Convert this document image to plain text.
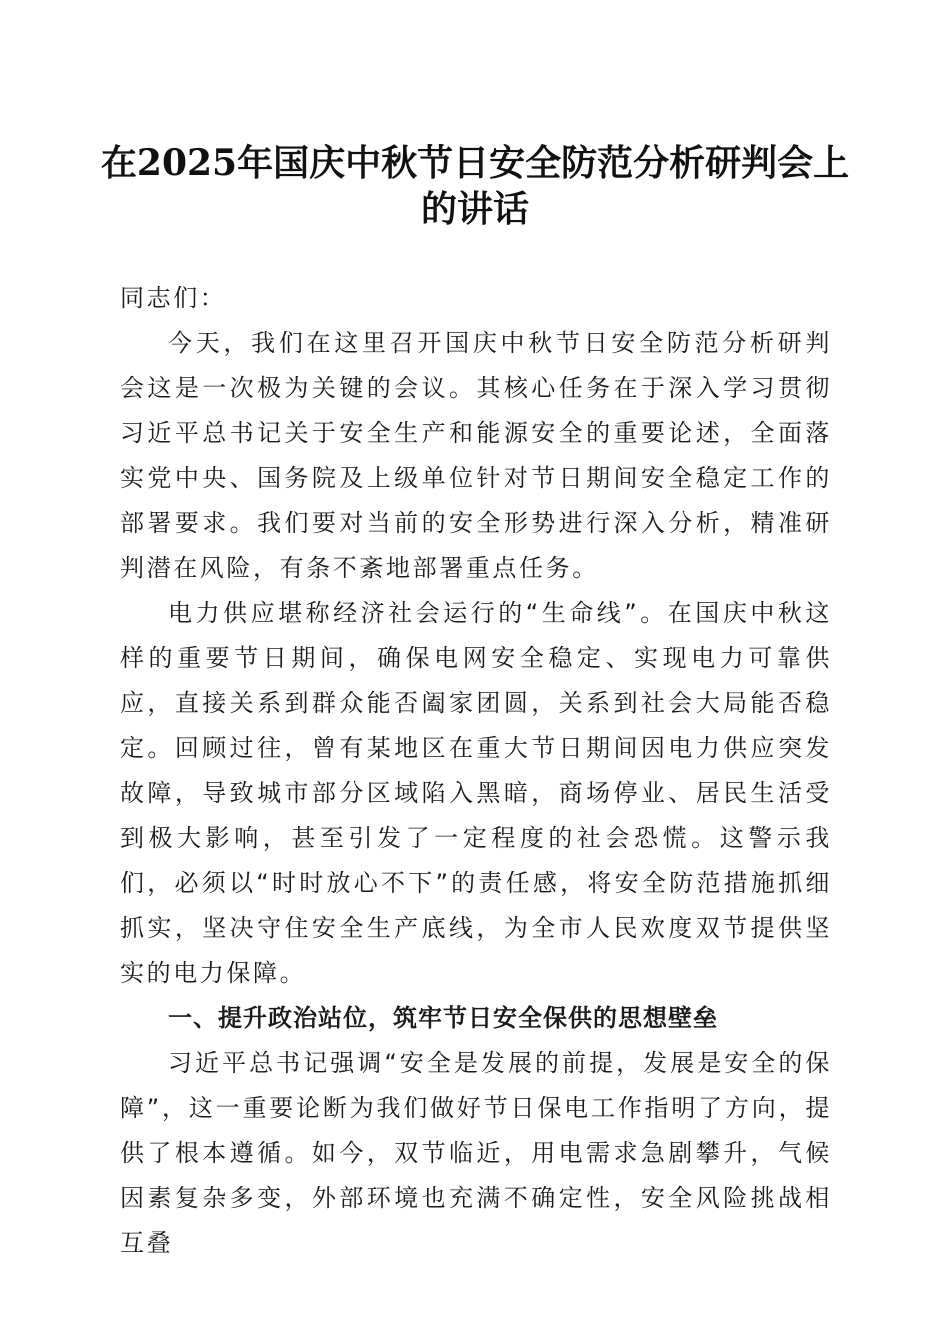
在2025年国庆中秋节日安全防范分析研判会上的讲话

同志们：

今天，我们在这里召开国庆中秋节日安全防范分析研判会这是一次极为关键的会议。其核心任务在于深入学习贯彻习近平总书记关于安全生产和能源安全的重要论述，全面落实党中央、国务院及上级单位针对节日期间安全稳定工作的部署要求。我们要对当前的安全形势进行深入分析，精准研判潜在风险，有条不紊地部署重点任务。

电力供应堪称经济社会运行的“生命线”。在国庆中秋这样的重要节日期间，确保电网安全稳定、实现电力可靠供应，直接关系到群众能否阖家团圆，关系到社会大局能否稳定。回顾过往，曾有某地区在重大节日期间因电力供应突发故障，导致城市部分区域陷入黑暗，商场停业、居民生活受到极大影响，甚至引发了一定程度的社会恐慌。这警示我们，必须以“时时放心不下”的责任感，将安全防范措施抓细抓实，坚决守住安全生产底线，为全市人民欢度双节提供坚实的电力保障。

一、提升政治站位，筑牢节日安全保供的思想壁垒

习近平总书记强调“安全是发展的前提，发展是安全的保障”，这一重要论断为我们做好节日保电工作指明了方向，提供了根本遵循。如今，双节临近，用电需求急剧攀升，气候因素复杂多变，外部环境也充满不确定性，安全风险挑战相互叠
